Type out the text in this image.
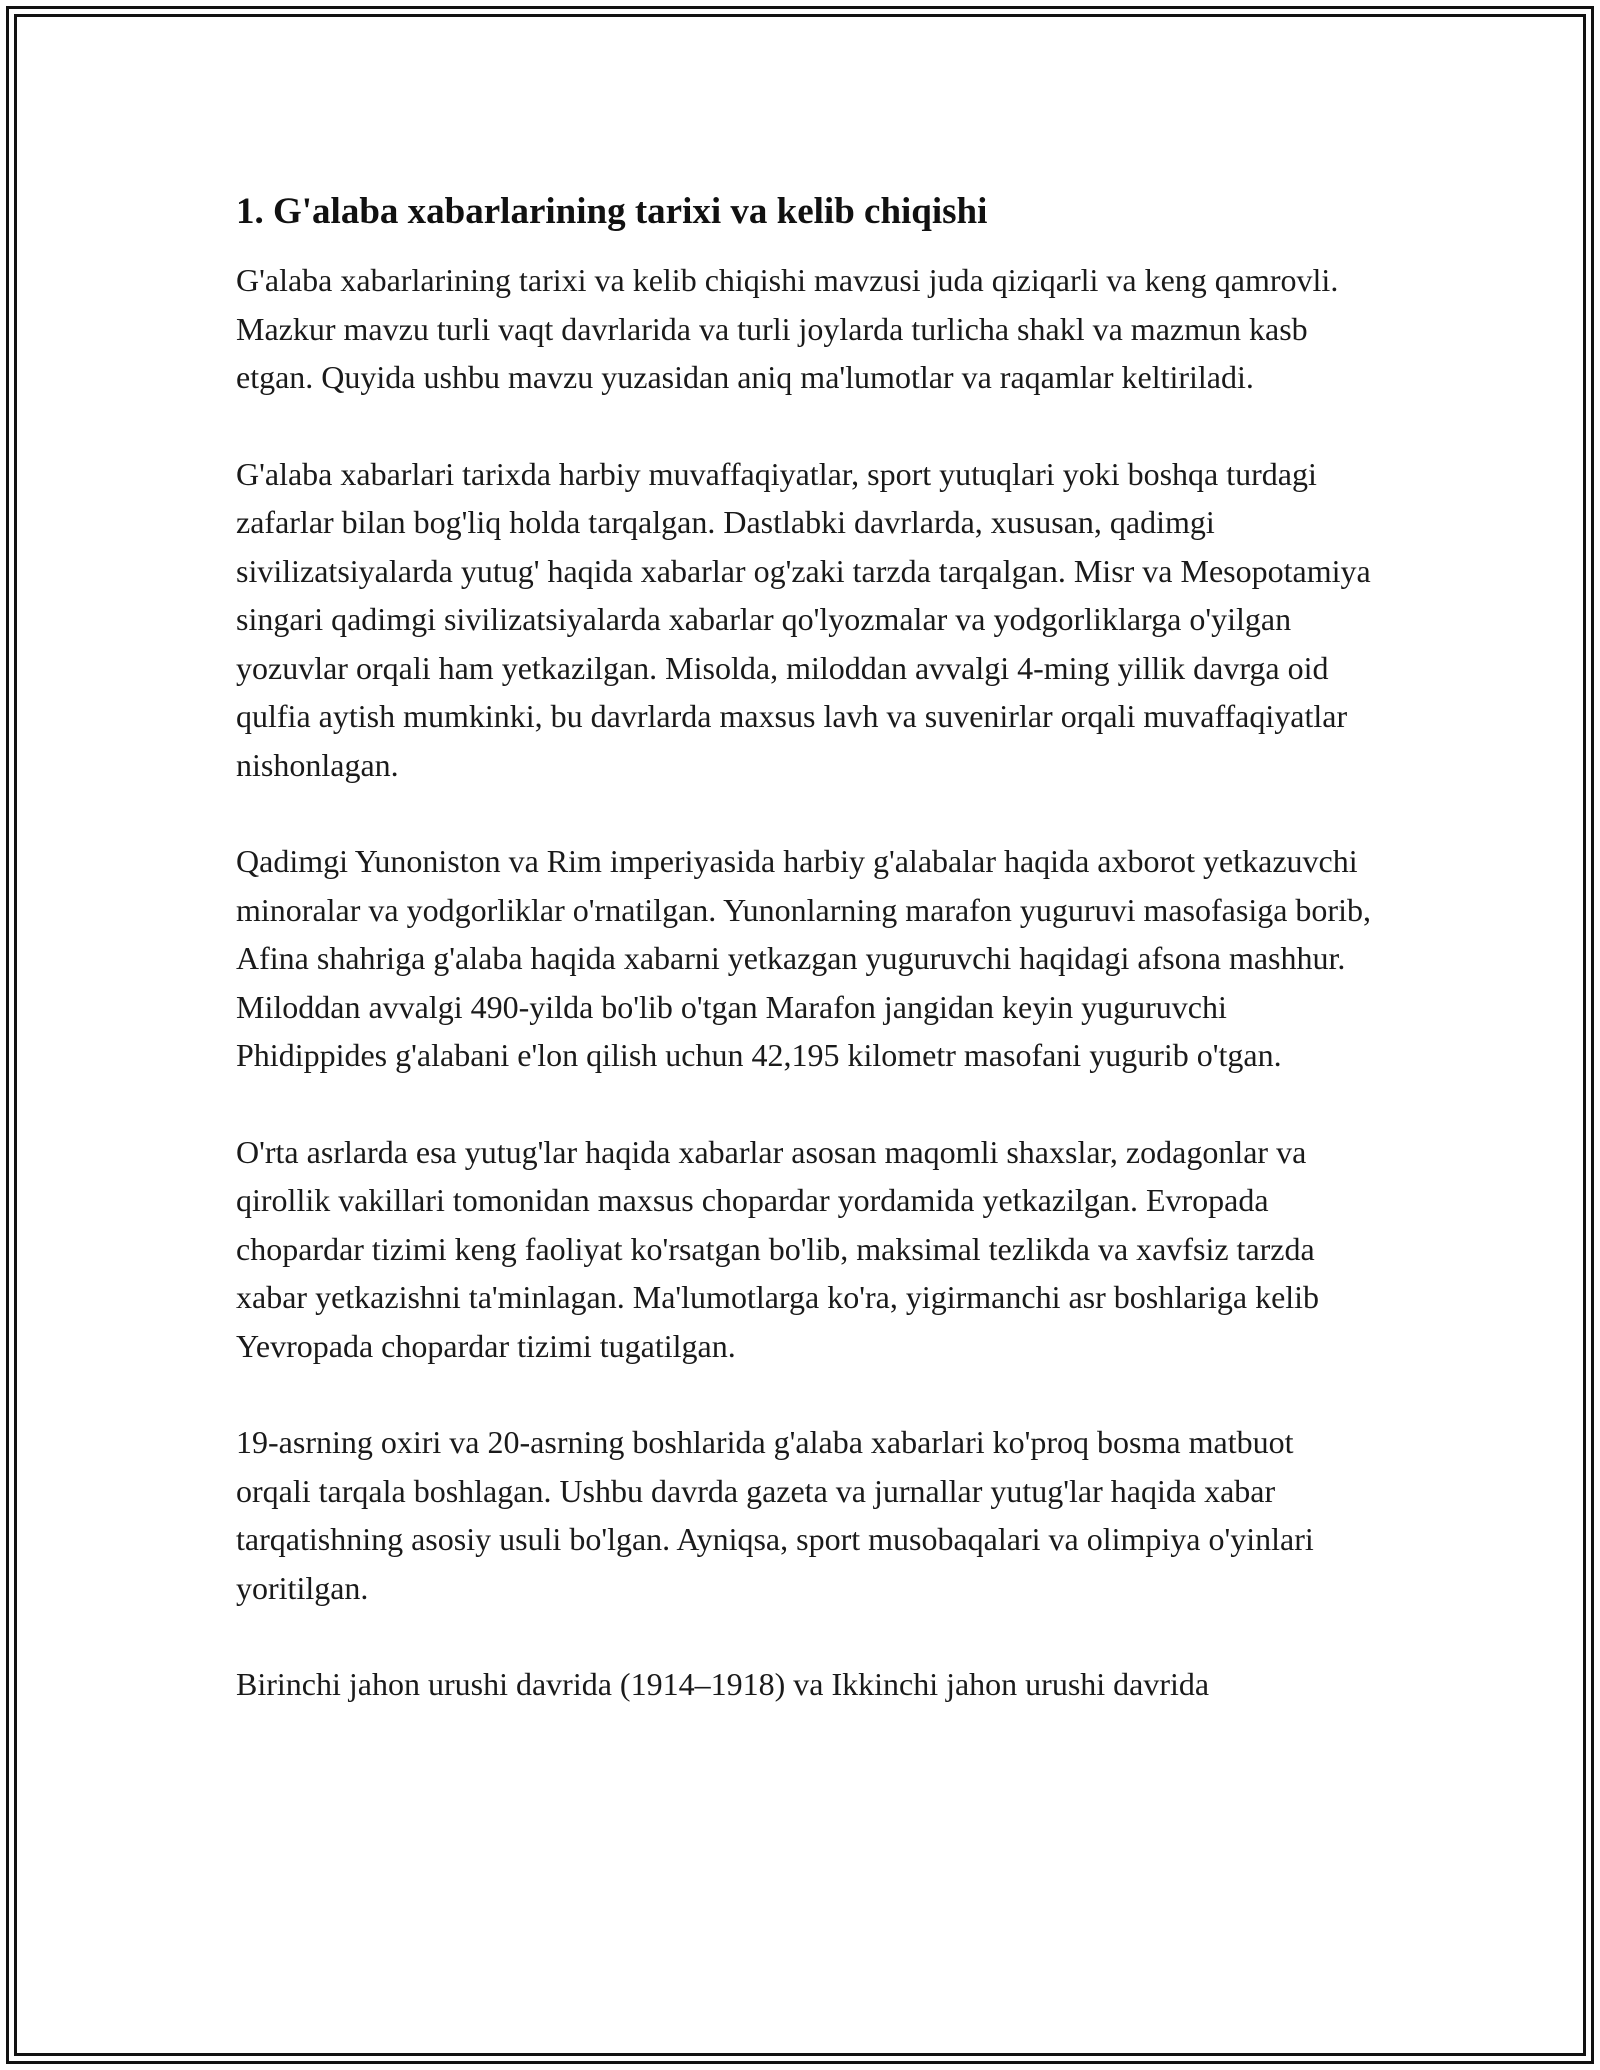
1. G'alaba xabarlarining tarixi va kelib chiqishi

G'alaba xabarlarining tarixi va kelib chiqishi mavzusi juda qiziqarli va keng qamrovli. Mazkur mavzu turli vaqt davrlarida va turli joylarda turlicha shakl va mazmun kasb etgan. Quyida ushbu mavzu yuzasidan aniq ma'lumotlar va raqamlar keltiriladi.

G'alaba xabarlari tarixda harbiy muvaffaqiyatlar, sport yutuqlari yoki boshqa turdagi zafarlar bilan bog'liq holda tarqalgan. Dastlabki davrlarda, xususan, qadimgi sivilizatsiyalarda yutug' haqida xabarlar og'zaki tarzda tarqalgan. Misr va Mesopotamiya singari qadimgi sivilizatsiyalarda xabarlar qo'lyozmalar va yodgorliklarga o'yilgan yozuvlar orqali ham yetkazilgan. Misolda, miloddan avvalgi 4-ming yillik davrga oid qulfia aytish mumkinki, bu davrlarda maxsus lavh va suvenirlar orqali muvaffaqiyatlar nishonlagan.

Qadimgi Yunoniston va Rim imperiyasida harbiy g'alabalar haqida axborot yetkazuvchi minoralar va yodgorliklar o'rnatilgan. Yunonlarning marafon yuguruvi masofasiga borib, Afina shahriga g'alaba haqida xabarni yetkazgan yuguruvchi haqidagi afsona mashhur. Miloddan avvalgi 490-yilda bo'lib o'tgan Marafon jangidan keyin yuguruvchi Phidippides g'alabani e'lon qilish uchun 42,195 kilometr masofani yugurib o'tgan.

O'rta asrlarda esa yutug'lar haqida xabarlar asosan maqomli shaxslar, zodagonlar va qirollik vakillari tomonidan maxsus chopardar yordamida yetkazilgan. Evropada chopardar tizimi keng faoliyat ko'rsatgan bo'lib, maksimal tezlikda va xavfsiz tarzda xabar yetkazishni ta'minlagan. Ma'lumotlarga ko'ra, yigirmanchi asr boshlariga kelib Yevropada chopardar tizimi tugatilgan.

19-asrning oxiri va 20-asrning boshlarida g'alaba xabarlari ko'proq bosma matbuot orqali tarqala boshlagan. Ushbu davrda gazeta va jurnallar yutug'lar haqida xabar tarqatishning asosiy usuli bo'lgan. Ayniqsa, sport musobaqalari va olimpiya o'yinlari yoritilgan.

Birinchi jahon urushi davrida (1914–1918) va Ikkinchi jahon urushi davrida
